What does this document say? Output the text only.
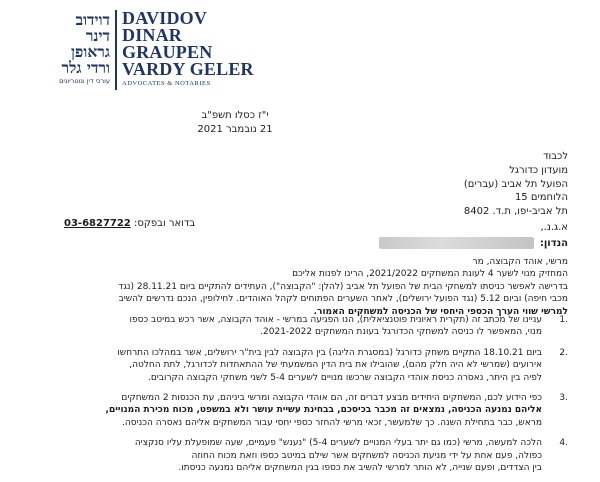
דוידוב
דינר
גראופן
ורדי גלר
עורכי דין ונוטריונים
DAVIDOV
DINAR
GRAUPEN
VARDY GELER
ADVOCATES & NOTARIES
י"ז כסלו תשפ"ב
21 נובמבר 2021
לכבוד
מועדון כדורגל
הפועל תל אביב (עברים)
הלוחמים 15
תל אביב-יפו, ת.ד. 8402
03-6827722 בדואר ובפקס:	א.ג.נ.,
הנדון:
מרשי, אוהד הקבוצה, מר
המחזיק מנוי לשער 4 לעונת המשחקים 2021/2022, הרינו לפנות אליכם
בדרישה לאפשר כניסתו למשחקי הבית של הפועל תל אביב (להלן: "הקבוצה"), העתידים להתקיים ביום 28.11.21 (נגד
מכבי חיפה) וביום 5.12 (נגד הפועל ירושלים), לאחר השערים הפתוחים לקהל האוהדים. לחילופין, הנכם נדרשים להשיב
למרשי שווי הערך הכספי היחסי של הכניסה למשחקים האמור.
.1
עניינו של מכתב זה (תקרית ראיונית פוטנציאלית), הנו הפגיעה במרשי - אוהד הקבוצה, אשר רכש במיטב כספו
מנוי, המאפשר לו כניסה למשחקי הכדורגל בעונת המשחקים 2021-2022.
.2
ביום 18.10.21 התקיים משחק כדורגל (במסגרת הליגה) בין הקבוצה לבין בית"ר ירושלים, אשר במהלכו התרחשו
אירועים (שמרשי לא היה חלק מהם), שהובילו את בית הדין המשמעתי של ההתאחדות לכדורגל, לתת החלטה,
לפיה בין היתר, נאסרה כניסת אוהדי הקבוצה שרכשו מנויים לשערים 5-4 לשני משחקי הקבוצה הקרובים.
.3
כפי הידוע לכם, המשחקים היחידים מבצע דברים זה, הם אוהדי הקבוצה ומרשי ביניהם, עת הכנסות 2 המשחקים
אליהם נמנעה הכניסה, נמצאים זה מכבר בכיסכם, בבחינת עשיית עושר ולא במשפט, מכוח מכירת המנויים,
מראש, כבר בתחילת השנה. כך שלמעשר, זכאי מרשי להחזר כספי יחסי עבור המשחקים אליהם נאסרה הכניסה.
.4
הלכה למעשה, מרשי (כמו גם יתר בעלי המנויים לשערים 5-4) "נענש" פעמיים, שעה שמופעלת עליו סנקציה
כפולה, פעם אחת על ידי מניעת הכניסה למשחקים אשר שילם במיטב כספו וזאת מכוח החוזה
בין הצדדים, ופעם שנייה, לא הותר למרשי להשיב את כספו בגין המשחקים אליהם נמנעה כניסתו.
